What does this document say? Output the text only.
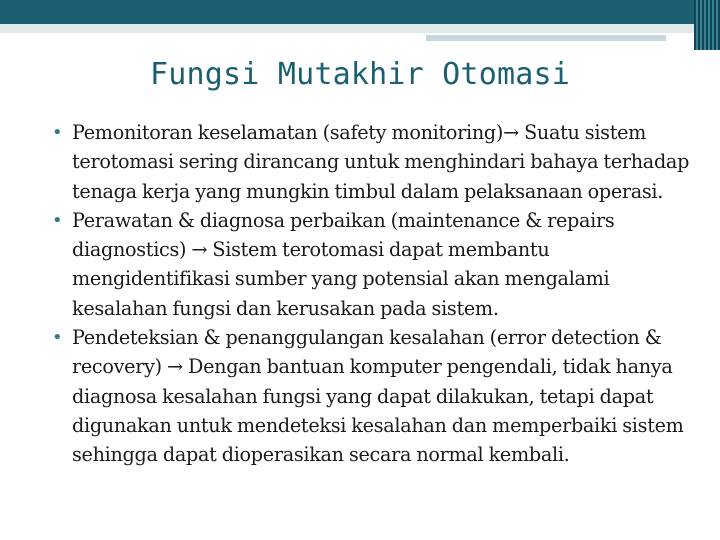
Fungsi Mutakhir Otomasi
• Pemonitoran keselamatan (safety monitoring)→ Suatu sistem terotomasi sering dirancang untuk menghindari bahaya terhadap tenaga kerja yang mungkin timbul dalam pelaksanaan operasi.
• Perawatan & diagnosa perbaikan (maintenance & repairs diagnostics) → Sistem terotomasi dapat membantu mengidentifikasi sumber yang potensial akan mengalami kesalahan fungsi dan kerusakan pada sistem.
• Pendeteksian & penanggulangan kesalahan (error detection & recovery) → Dengan bantuan komputer pengendali, tidak hanya diagnosa kesalahan fungsi yang dapat dilakukan, tetapi dapat digunakan untuk mendeteksi kesalahan dan memperbaiki sistem sehingga dapat dioperasikan secara normal kembali.
